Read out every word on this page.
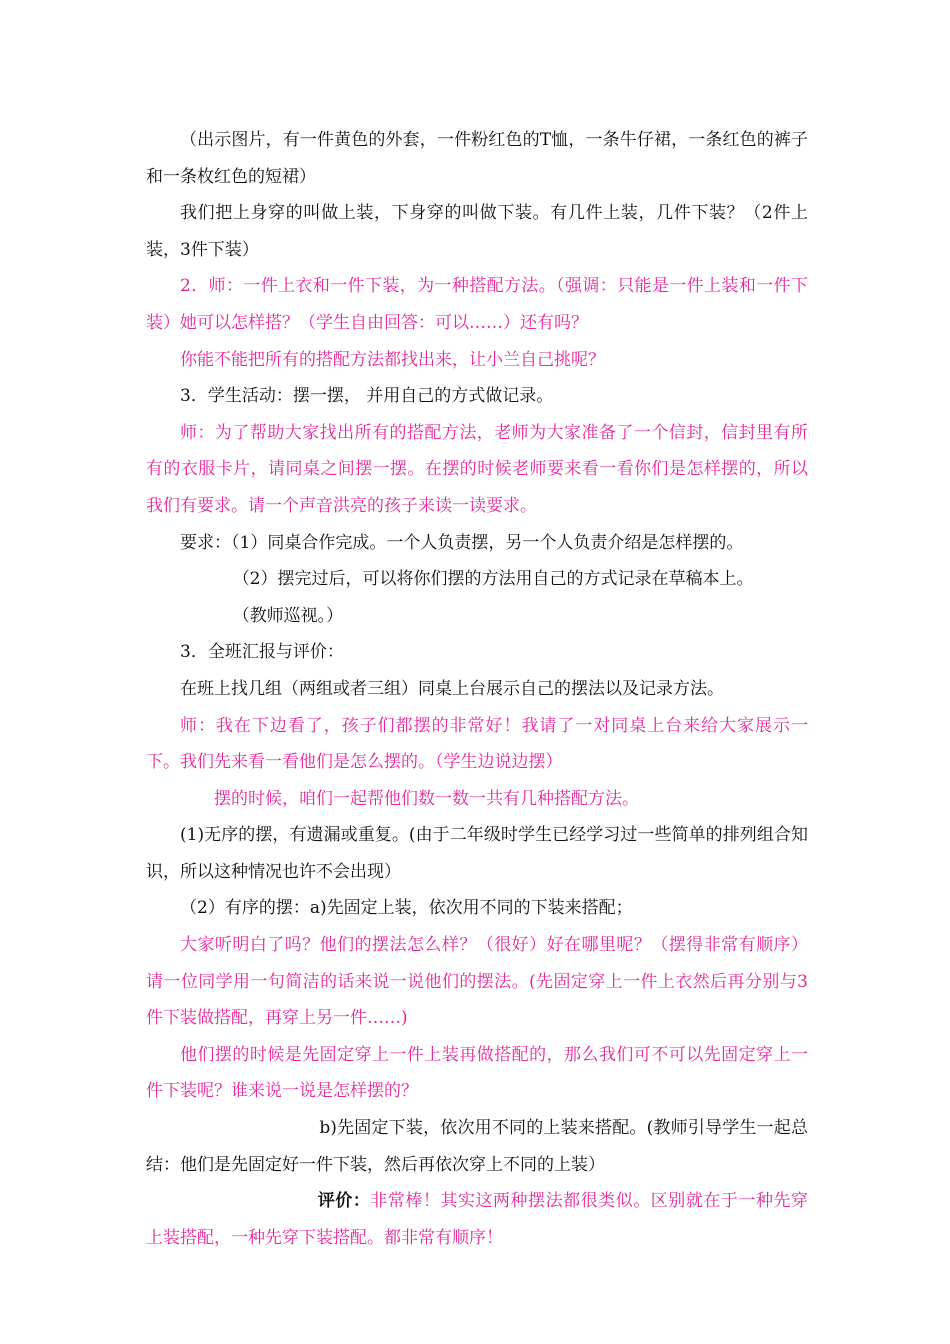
（出示图片，有一件黄色的外套，一件粉红色的T恤，一条牛仔裙，一条红色的裤子和一条枚红色的短裙）

我们把上身穿的叫做上装，下身穿的叫做下装。有几件上装，几件下装？（2件上装，3件下装）

2．师：一件上衣和一件下装，为一种搭配方法。（强调：只能是一件上装和一件下装）她可以怎样搭？（学生自由回答：可以……）还有吗？

你能不能把所有的搭配方法都找出来，让小兰自己挑呢？

3．学生活动：摆一摆， 并用自己的方式做记录。

师：为了帮助大家找出所有的搭配方法，老师为大家准备了一个信封，信封里有所有的衣服卡片，请同桌之间摆一摆。在摆的时候老师要来看一看你们是怎样摆的，所以我们有要求。请一个声音洪亮的孩子来读一读要求。

要求：（1）同桌合作完成。一个人负责摆，另一个人负责介绍是怎样摆的。

（2）摆完过后，可以将你们摆的方法用自己的方式记录在草稿本上。

（教师巡视。）

3．全班汇报与评价：

在班上找几组（两组或者三组）同桌上台展示自己的摆法以及记录方法。

师：我在下边看了，孩子们都摆的非常好！我请了一对同桌上台来给大家展示一下。我们先来看一看他们是怎么摆的。（学生边说边摆）

摆的时候，咱们一起帮他们数一数一共有几种搭配方法。

(1)无序的摆，有遗漏或重复。(由于二年级时学生已经学习过一些简单的排列组合知识，所以这种情况也许不会出现）

（2）有序的摆：a)先固定上装，依次用不同的下装来搭配；

大家听明白了吗？他们的摆法怎么样？（很好）好在哪里呢？（摆得非常有顺序） 请一位同学用一句简洁的话来说一说他们的摆法。(先固定穿上一件上衣然后再分别与3件下装做搭配，再穿上另一件……)

他们摆的时候是先固定穿上一件上装再做搭配的，那么我们可不可以先固定穿上一件下装呢？谁来说一说是怎样摆的？

b)先固定下装，依次用不同的上装来搭配。(教师引导学生一起总结：他们是先固定好一件下装，然后再依次穿上不同的上装）

评价：非常棒！其实这两种摆法都很类似。区别就在于一种先穿上装搭配，一种先穿下装搭配。都非常有顺序！
